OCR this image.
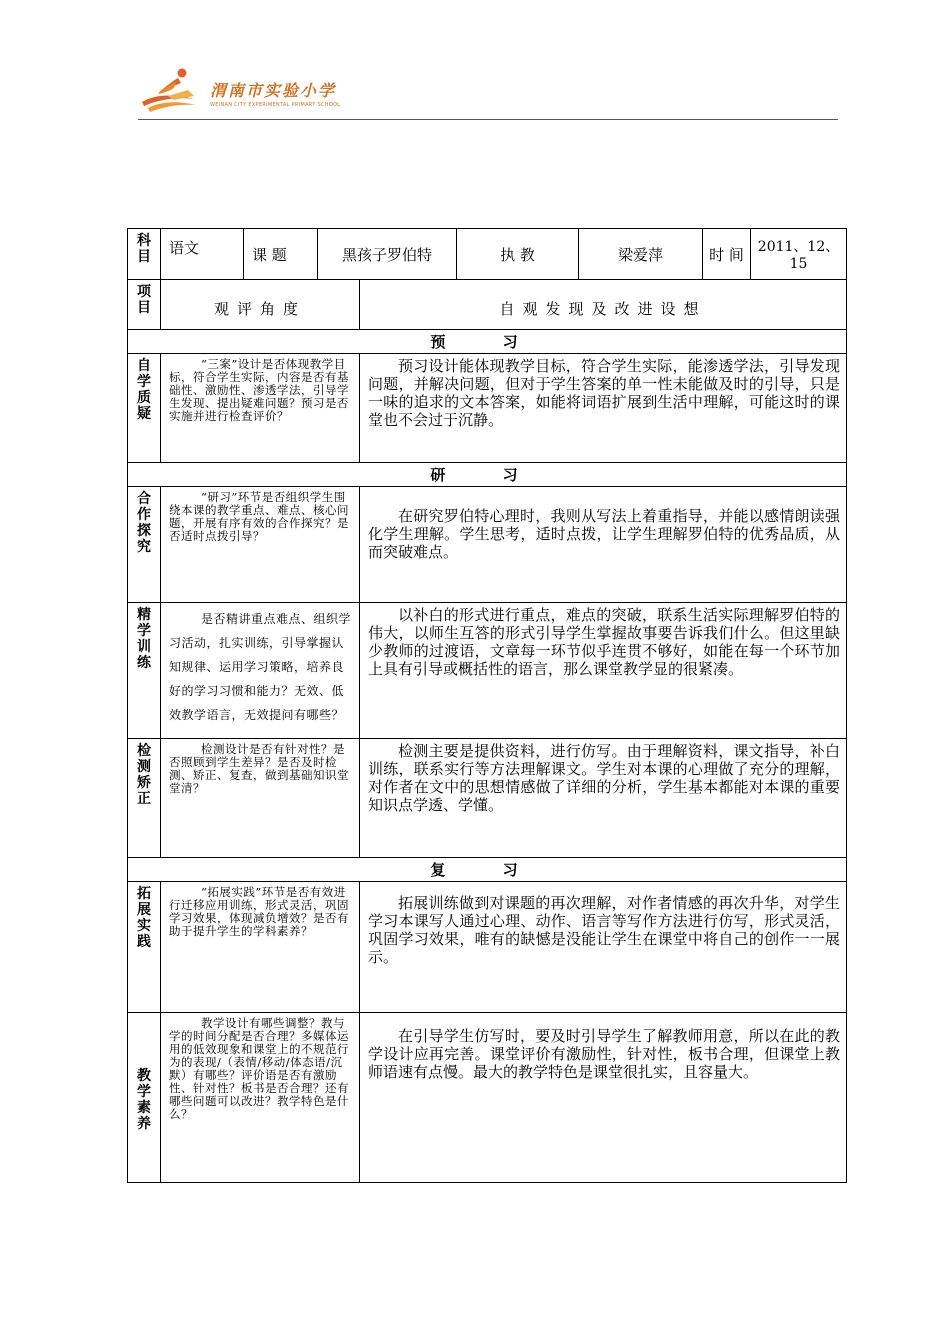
渭南市实验小学
WEINAN CITY EXPERIMENTAL PRIMARY SCHOOL
科目	语文	课 题	黑孩子罗伯特		执 教	梁爱萍	时 间	2011、12、15
项目	观评角度			自观发现及改进设想				
预 习								
自学质疑	“三案”设计是否体现教学目标，符合学生实际，内容是否有基础性、激励性、渗透学法，引导学生发现、提出疑难问题？预习是否实施并进行检查评价？			预习设计能体现教学目标，符合学生实际，能渗透学法，引导发现问题，并解决问题，但对于学生答案的单一性未能做及时的引导，只是一味的追求的文本答案，如能将词语扩展到生活中理解，可能这时的课堂也不会过于沉静。				

研 习								
合作探究	“研习”环节是否组织学生围绕本课的教学重点、难点、核心问题，开展有序有效的合作探究？是否适时点拨引导？			在研究罗伯特心理时，我则从写法上着重指导，并能以感情朗读强化学生理解。学生思考，适时点拨，让学生理解罗伯特的优秀品质，从而突破难点。				

精学训练	是否精讲重点难点、组织学习活动，扎实训练，引导掌握认知规律、运用学习策略，培养良好的学习习惯和能力？无效、低效教学语言，无效提问有哪些？			以补白的形式进行重点，难点的突破，联系生活实际理解罗伯特的伟大，以师生互答的形式引导学生掌握故事要告诉我们什么。但这里缺少教师的过渡语，文章每一环节似乎连贯不够好，如能在每一个环节加上具有引导或概括性的语言，那么课堂教学显的很紧凑。				

检测矫正	检测设计是否有针对性？是否照顾到学生差异？是否及时检测、矫正、复查，做到基础知识堂堂清？			检测主要是提供资料，进行仿写。由于理解资料，课文指导，补白训练，联系实行等方法理解课文。学生对本课的心理做了充分的理解，对作者在文中的思想情感做了详细的分析，学生基本都能对本课的重要知识点学透、学懂。				

复 习								
拓展实践	“拓展实践”环节是否有效进行迁移应用训练，形式灵活，巩固学习效果，体现减负增效？是否有助于提升学生的学科素养？			拓展训练做到对课题的再次理解，对作者情感的再次升华，对学生学习本课写人通过心理、动作、语言等写作方法进行仿写，形式灵活，巩固学习效果，唯有的缺憾是没能让学生在课堂中将自己的创作一一展示。				

教学素养	教学设计有哪些调整？教与学的时间分配是否合理？多媒体运用的低效现象和课堂上的不规范行为的表现/（表情/移动/体态语/沉默）有哪些？评价语是否有激励性、针对性？板书是否合理？还有哪些问题可以改进？教学特色是什么？			在引导学生仿写时，要及时引导学生了解教师用意，所以在此的教学设计应再完善。课堂评价有激励性，针对性，板书合理，但课堂上教师语速有点慢。最大的教学特色是课堂很扎实，且容量大。				
